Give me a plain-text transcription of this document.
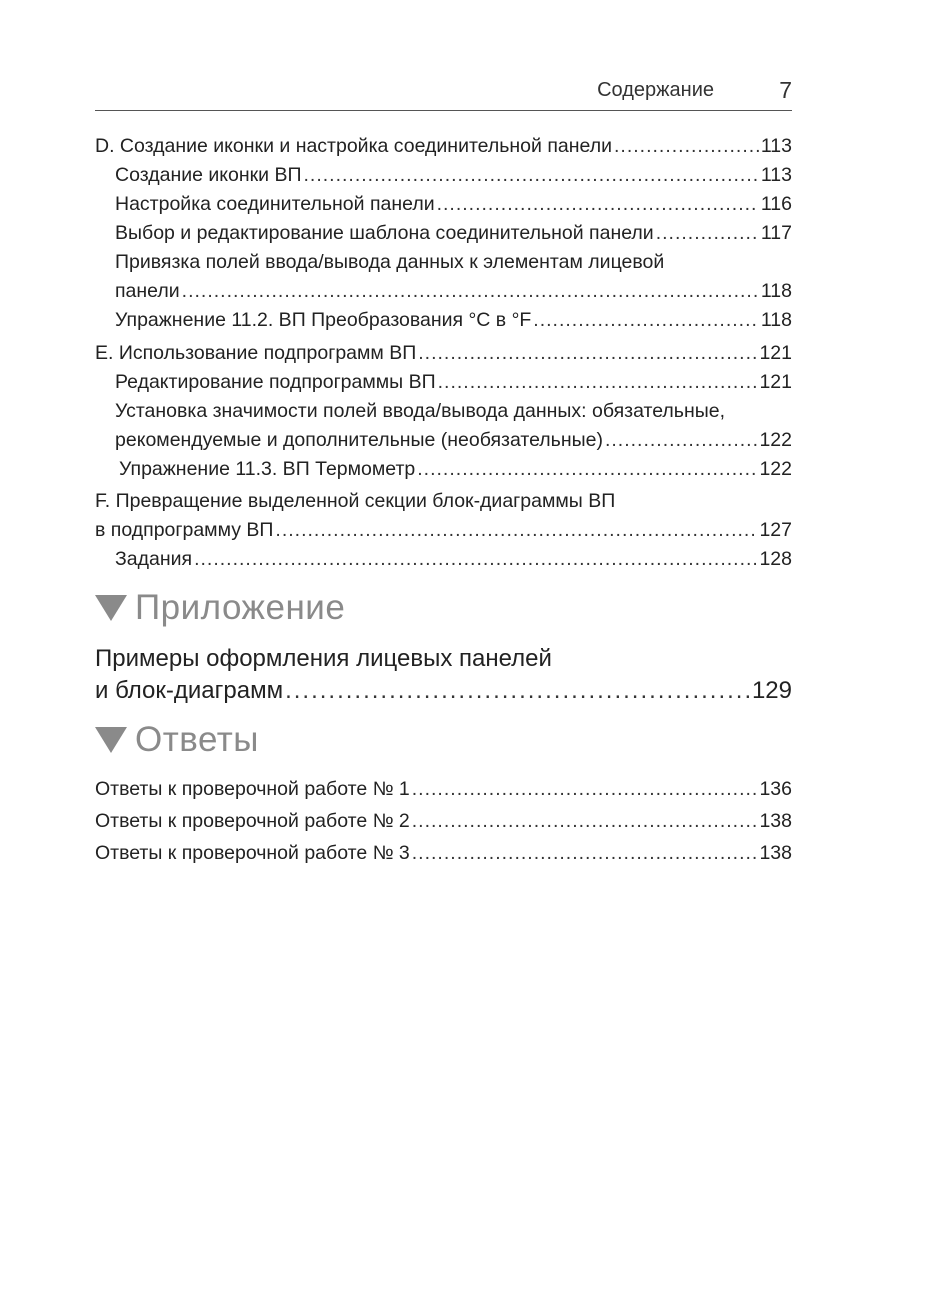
Содержание	7
D. Создание иконки и настройка соединительной панели .....	113
Создание иконки ВП .....	113
Настройка соединительной панели .....	116
Выбор и редактирование шаблона соединительной панели .....	117
Привязка полей ввода/вывода данных к элементам лицевой
панели .....	118
Упражнение 11.2. ВП Преобразования °C в °F .....	118
E. Использование подпрограмм ВП .....	121
Редактирование подпрограммы ВП .....	121
Установка значимости полей ввода/вывода данных: обязательные,
рекомендуемые и дополнительные (необязательные) .....	122
Упражнение 11.3. ВП Термометр .....	122
F. Превращение выделенной секции блок-диаграммы ВП
в подпрограмму ВП .....	127
Задания .....	128
Приложение
Примеры оформления лицевых панелей
и блок-диаграмм .....	129
Ответы
Ответы к проверочной работе № 1 .....	136
Ответы к проверочной работе № 2 .....	138
Ответы к проверочной работе № 3 .....	138
